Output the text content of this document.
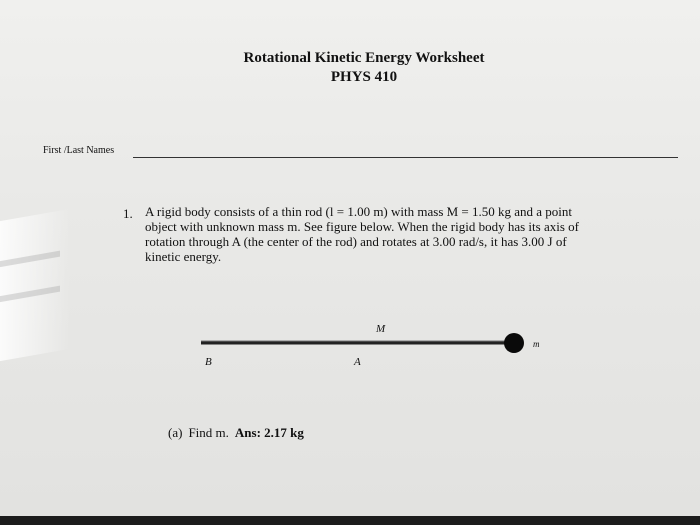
Rotational Kinetic Energy Worksheet
PHYS 410
First /Last Names
1. A rigid body consists of a thin rod (l = 1.00 m) with mass M = 1.50 kg and a point
object with unknown mass m. See figure below. When the rigid body has its axis of
rotation through A (the center of the rod) and rotates at 3.00 rad/s, it has 3.00 J of
kinetic energy.
M
m
B	A
(a) Find m. Ans: 2.17 kg
